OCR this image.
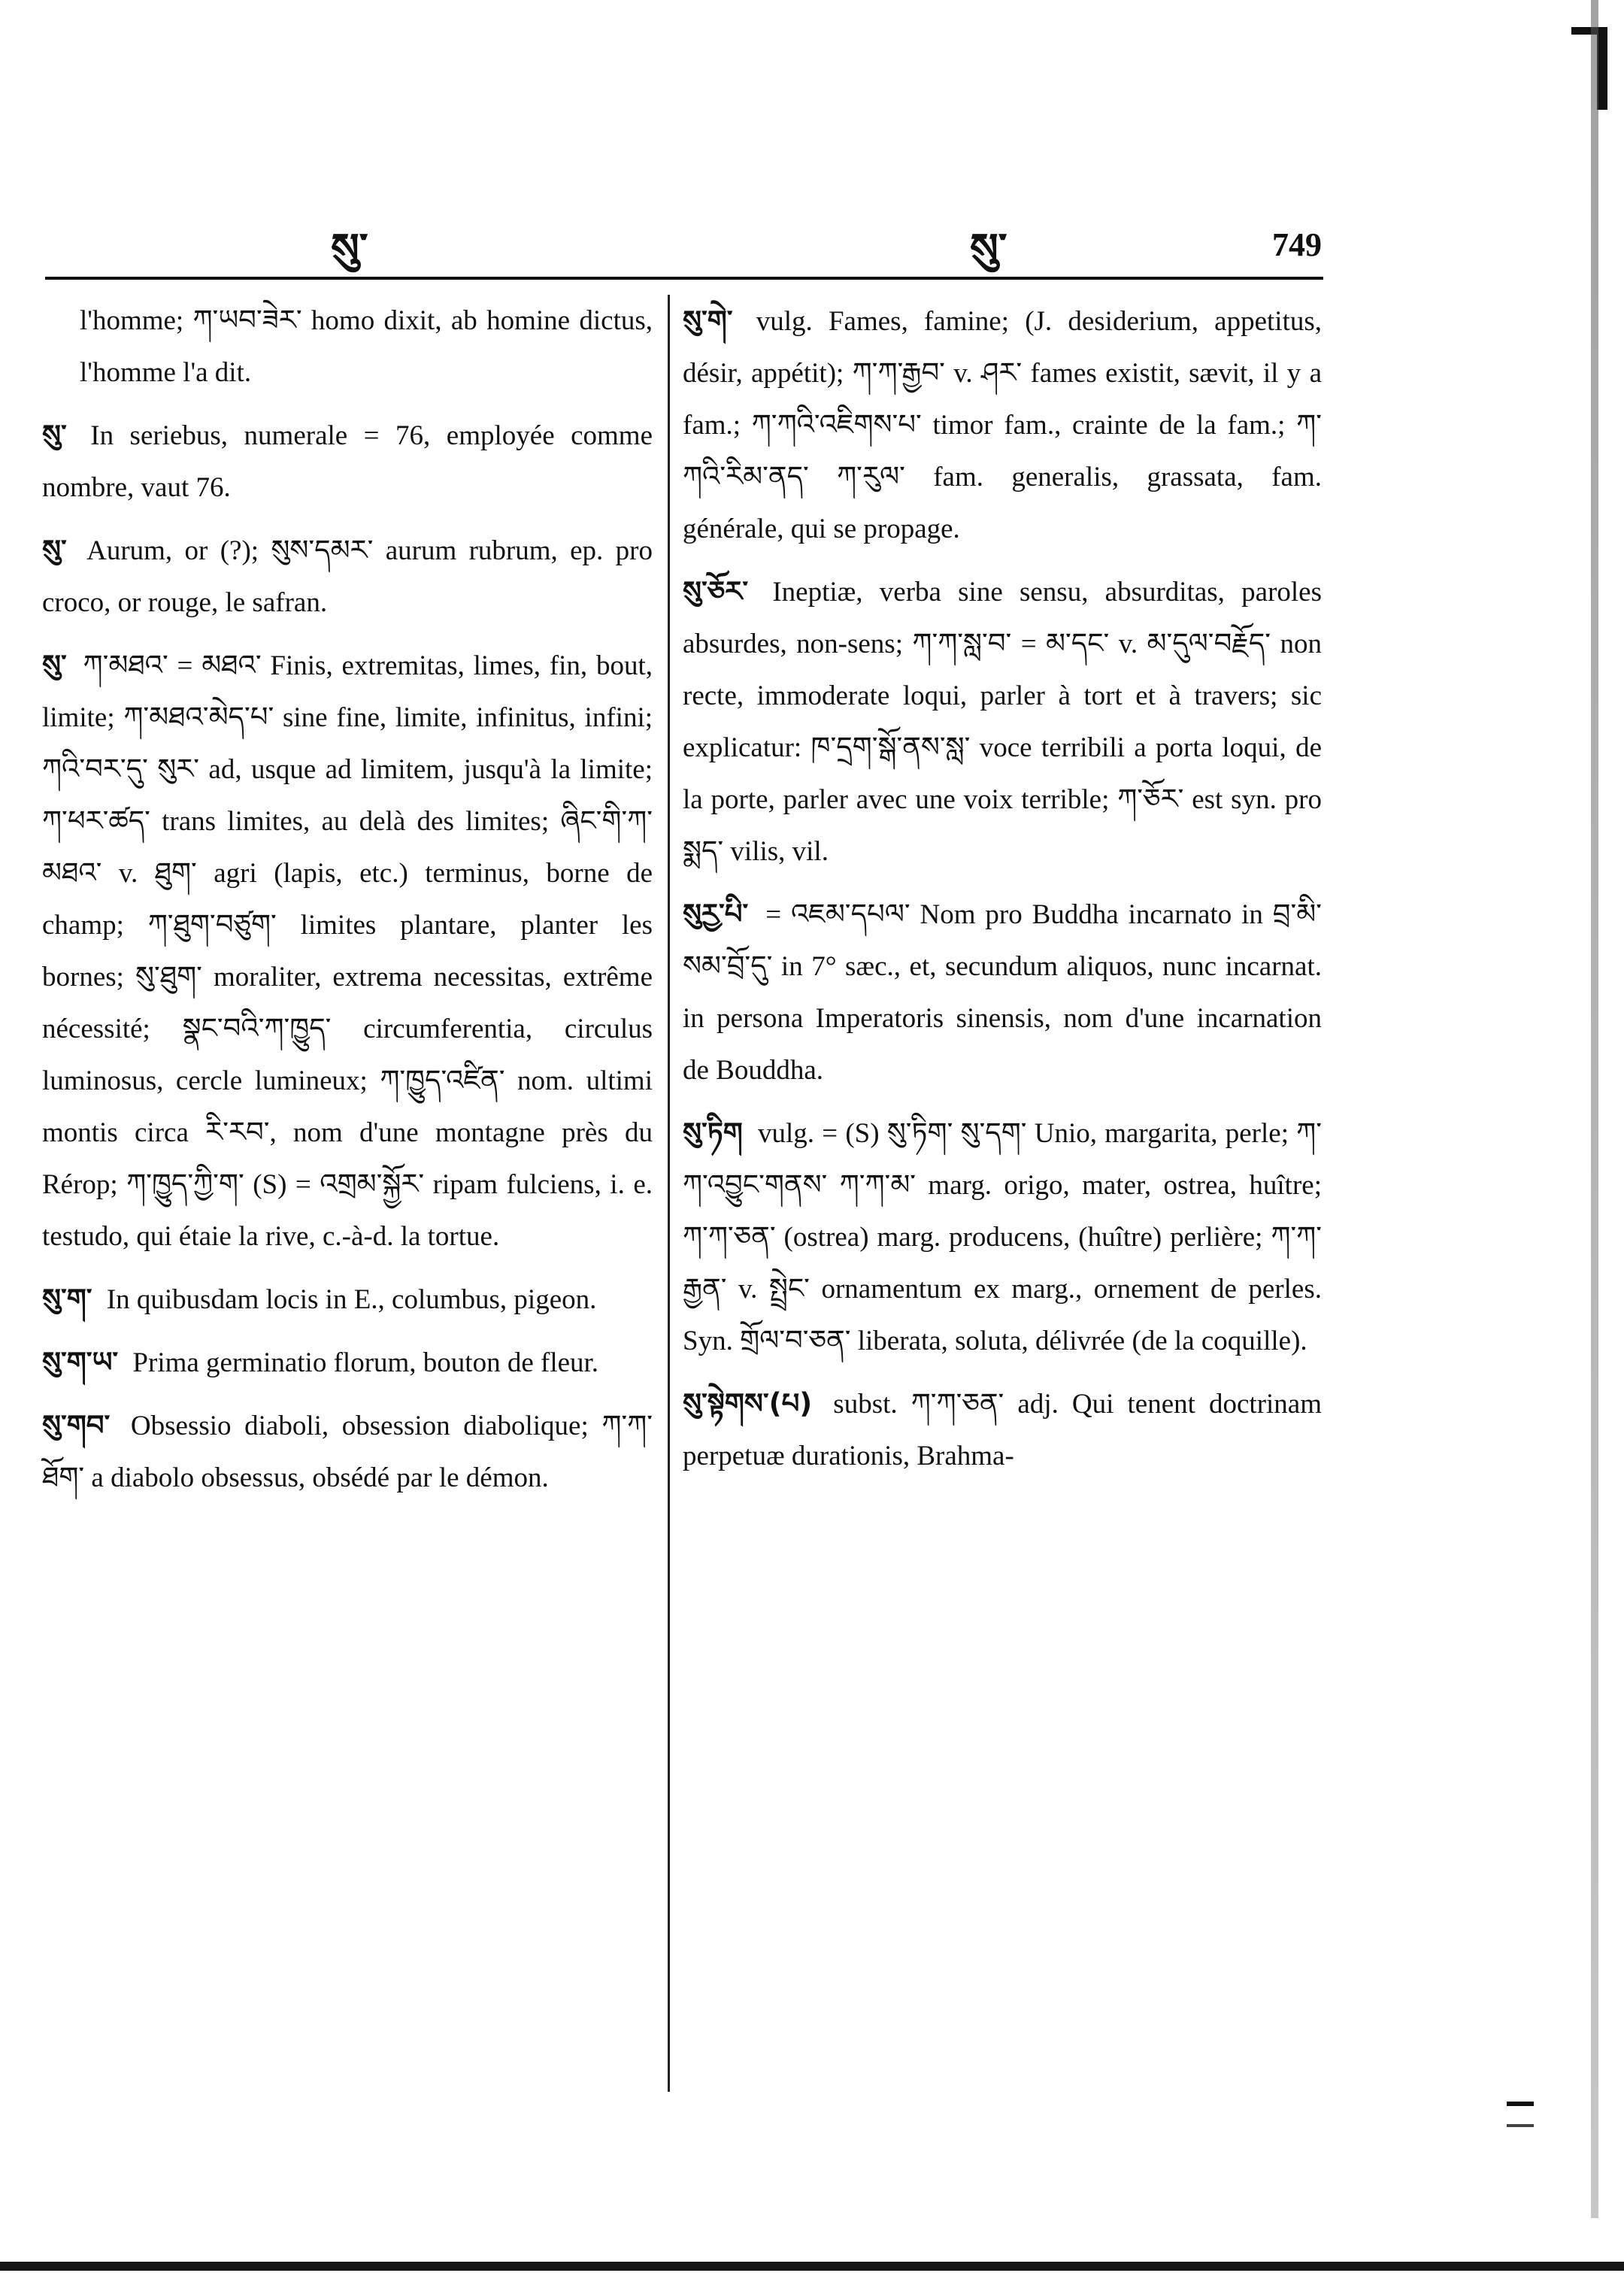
སུ་	སུ་	749
l'homme; ཀ་ཡབ་ཟེར་ homo dixit, ab homine dictus, l'homme l'a dit.
སུ་ In seriebus, numerale = 76, employée comme nombre, vaut 76.
སུ་ Aurum, or (?); སུས་དམར་ aurum rubrum, ep. pro croco, or rouge, le safran.
སུ་ ཀ་མཐའ་ = མཐའ་ Finis, extremitas, limes, fin, bout, limite; ཀ་མཐའ་མེད་པ་ sine fine, limite, infinitus, infini; ཀའི་བར་དུ་ སུར་ ad, usque ad limitem, jusqu'à la limite; ཀ་ཕར་ཚད་ trans limites, au delà des limites; ཞིང་གི་ཀ་མཐའ་ v. ཐུག་ agri (lapis, etc.) terminus, borne de champ; ཀ་ཐུག་བཙུག་ limites plantare, planter les bornes; སུ་ཐུག་ moraliter, extrema necessitas, extrême nécessité; སྣང་བའི་ཀ་ཁྱུད་ circumferentia, circulus luminosus, cercle lumineux; ཀ་ཁྱུད་འཛིན་ nom. ultimi montis circa རི་རབ་, nom d'une montagne près du Rérop; ཀ་ཁྱུད་ཀྱི་ག་ (S) = འགྲམ་སྐྱོར་ ripam fulciens, i. e. testudo, qui étaie la rive, c.-à-d. la tortue.
སུ་ག་ In quibusdam locis in E., columbus, pigeon.
སུ་ག་ཡ་ Prima germinatio florum, bouton de fleur.
སུ་གབ་ Obsessio diaboli, obsession diabolique; ཀ་ཀ་ཐོག་ a diabolo obsessus, obsédé par le démon.
སུ་གེ་ vulg. Fames, famine; (J. desiderium, appetitus, désir, appétit); ཀ་ཀ་རྒྱབ་ v. ཤར་ fames existit, sævit, il y a fam.; ཀ་ཀའི་འཇིགས་པ་ timor fam., crainte de la fam.; ཀ་ཀའི་རིམ་ནད་ ཀ་རུལ་ fam. generalis, grassata, fam. générale, qui se propage.
སུ་ཅོར་ Ineptiæ, verba sine sensu, absurditas, paroles absurdes, non-sens; ཀ་ཀ་སླ་བ་ = མ་དང་ v. མ་དུལ་བརྗོད་ non recte, immoderate loqui, parler à tort et à travers; sic explicatur: ཁ་དྲག་སྒོ་ནས་སླ་ voce terribili a porta loqui, de la porte, parler avec une voix terrible; ཀ་ཅོར་ est syn. pro སྨད་ vilis, vil.
སུརྱ་པི་ = འཇམ་དཔལ་ Nom pro Buddha incarnato in བྲ་མི་སམ་བྲོ་དུ་ in 7° sæc., et, secundum aliquos, nunc incarnat. in persona Imperatoris sinensis, nom d'une incarnation de Bouddha.
སུ་ཏིག vulg. = (S) སུ་ཏིག་ སུ་དག་ Unio, margarita, perle; ཀ་ཀ་འབྱུང་གནས་ ཀ་ཀ་མ་ marg. origo, mater, ostrea, huître; ཀ་ཀ་ཅན་ (ostrea) marg. producens, (huître) perlière; ཀ་ཀ་རྒྱན་ v. སྤྲེང་ ornamentum ex marg., ornement de perles. Syn. གྲོལ་བ་ཅན་ liberata, soluta, délivrée (de la coquille).
སུ་སྟེགས་(པ) subst. ཀ་ཀ་ཅན་ adj. Qui tenent doctrinam perpetuæ durationis, Brahma-
